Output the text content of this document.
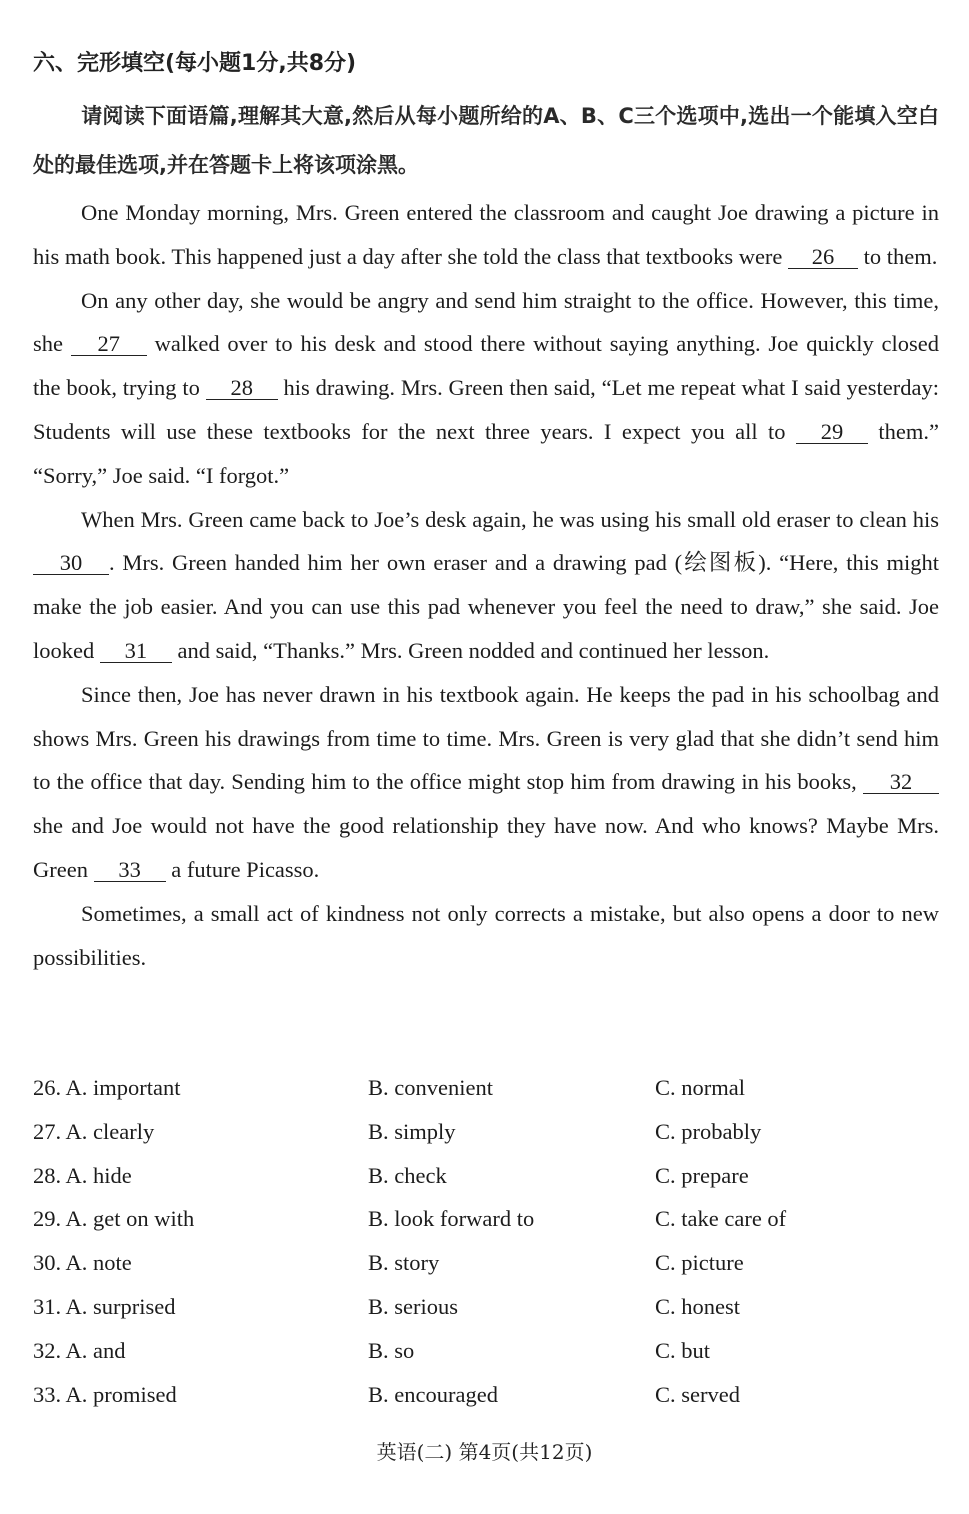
六、完形填空(每小题1分,共8分)
请阅读下面语篇,理解其大意,然后从每小题所给的A、B、C三个选项中,选出一个能填入空白处的最佳选项,并在答题卡上将该项涂黑。

One Monday morning, Mrs. Green entered the classroom and caught Joe drawing a picture in his math book. This happened just a day after she told the class that textbooks were 26 to them.

On any other day, she would be angry and send him straight to the office. However, this time, she 27 walked over to his desk and stood there without saying anything. Joe quickly closed the book, trying to 28 his drawing. Mrs. Green then said, “Let me repeat what I said yesterday: Students will use these textbooks for the next three years. I expect you all to 29 them.” “Sorry,” Joe said. “I forgot.”

When Mrs. Green came back to Joe’s desk again, he was using his small old eraser to clean his 30 . Mrs. Green handed him her own eraser and a drawing pad (绘图板). “Here, this might make the job easier. And you can use this pad whenever you feel the need to draw,” she said. Joe looked 31 and said, “Thanks.” Mrs. Green nodded and continued her lesson.

Since then, Joe has never drawn in his textbook again. He keeps the pad in his schoolbag and shows Mrs. Green his drawings from time to time. Mrs. Green is very glad that she didn’t send him to the office that day. Sending him to the office might stop him from drawing in his books, 32 she and Joe would not have the good relationship they have now. And who knows? Maybe Mrs. Green 33 a future Picasso.

Sometimes, a small act of kindness not only corrects a mistake, but also opens a door to new possibilities.

26. A. important	B. convenient	C. normal
27. A. clearly	B. simply	C. probably
28. A. hide	B. check	C. prepare
29. A. get on with	B. look forward to	C. take care of
30. A. note	B. story	C. picture
31. A. surprised	B. serious	C. honest
32. A. and	B. so	C. but
33. A. promised	B. encouraged	C. served
英语(二) 第4页(共12页)
